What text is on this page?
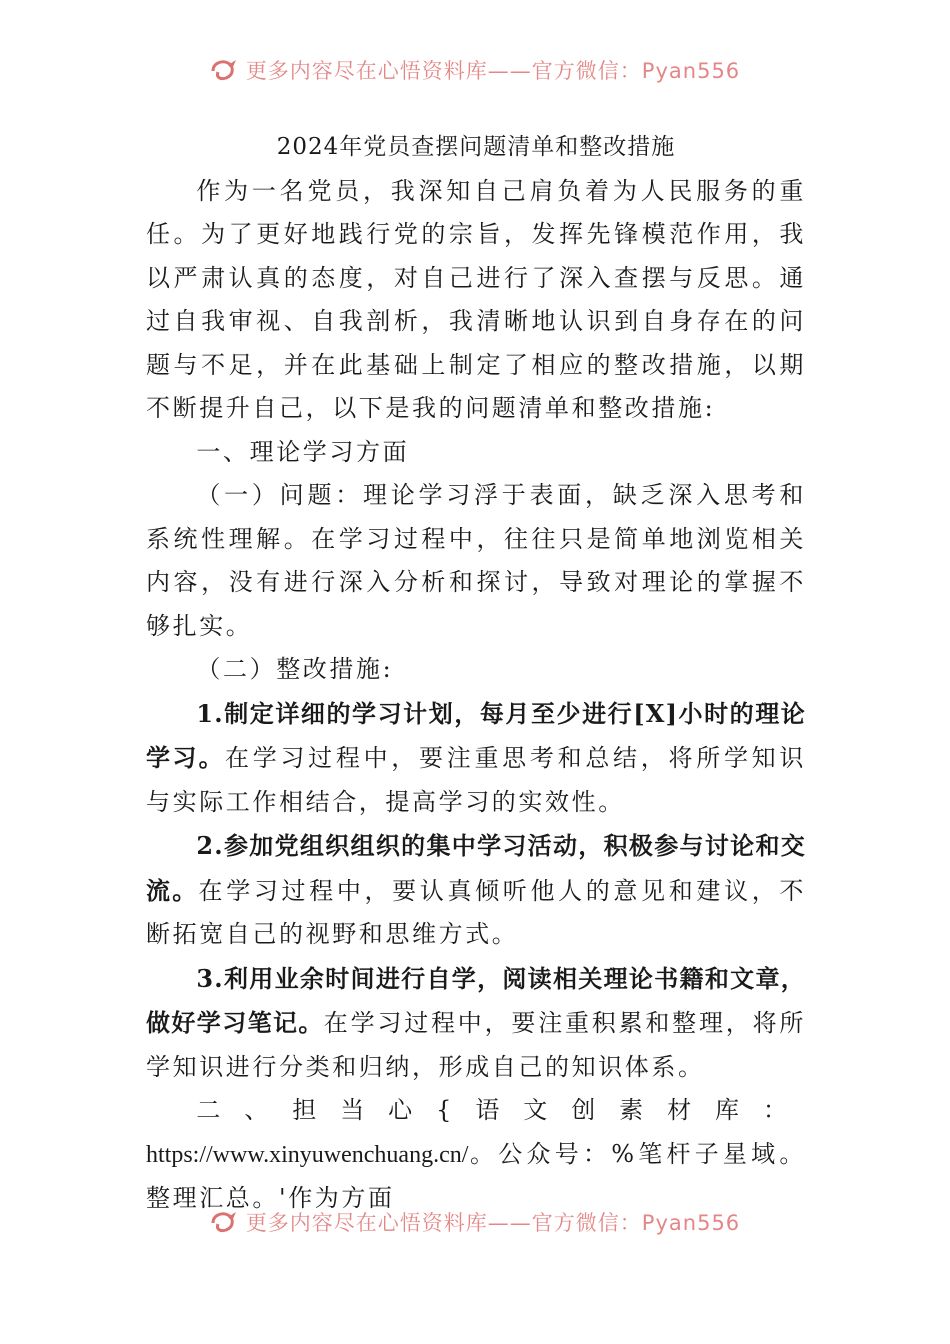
更多内容尽在心悟资料库——官方微信：Pyan556

2024年党员查摆问题清单和整改措施

作为一名党员，我深知自己肩负着为人民服务的重任。为了更好地践行党的宗旨，发挥先锋模范作用，我以严肃认真的态度，对自己进行了深入查摆与反思。通过自我审视、自我剖析，我清晰地认识到自身存在的问题与不足，并在此基础上制定了相应的整改措施，以期不断提升自己，以下是我的问题清单和整改措施:

一、理论学习方面

（一）问题：理论学习浮于表面，缺乏深入思考和系统性理解。在学习过程中，往往只是简单地浏览相关内容，没有进行深入分析和探讨，导致对理论的掌握不够扎实。

（二）整改措施:

1.制定详细的学习计划，每月至少进行[X]小时的理论学习。在学习过程中，要注重思考和总结，将所学知识与实际工作相结合，提高学习的实效性。

2.参加党组织组织的集中学习活动，积极参与讨论和交流。在学习过程中，要认真倾听他人的意见和建议，不断拓宽自己的视野和思维方式。

3.利用业余时间进行自学，阅读相关理论书籍和文章，做好学习笔记。在学习过程中，要注重积累和整理，将所学知识进行分类和归纳，形成自己的知识体系。

二、担当心{语文创素材库：https://www.xinyuwenchuang.cn/。公众号：%笔杆子星域。整理汇总。'作为方面

更多内容尽在心悟资料库——官方微信：Pyan556
